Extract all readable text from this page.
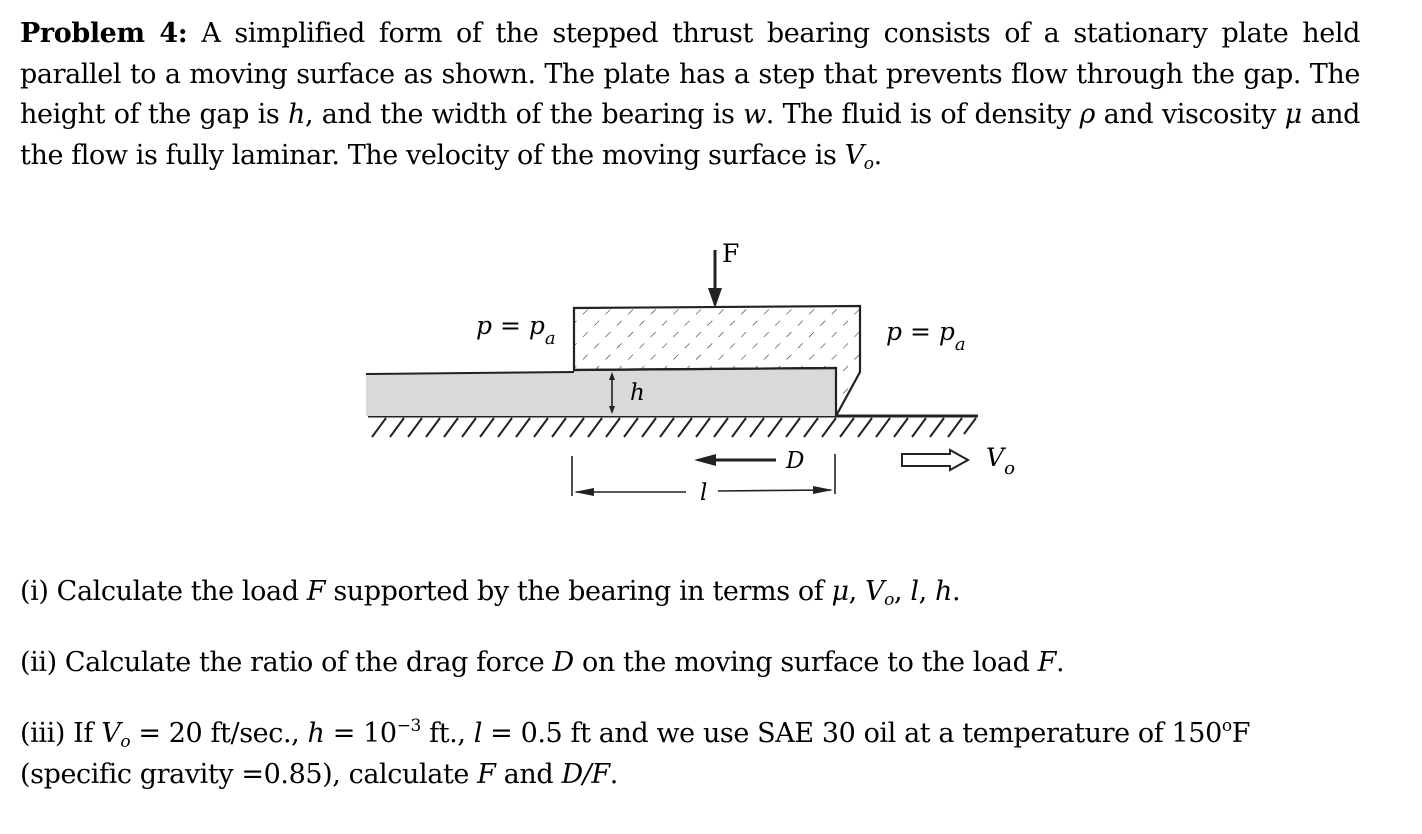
Problem 4: A simplified form of the stepped thrust bearing consists of a stationary plate held parallel to a moving surface as shown. The plate has a step that prevents flow through the gap. The height of the gap is h, and the width of the bearing is w. The fluid is of density ρ and viscosity μ and the flow is fully laminar. The velocity of the moving surface is $V_o$.
F
$p = p_a$	$p = p_a$
h
D
l
$V_o$
(i) Calculate the load F supported by the bearing in terms of μ, $V_o$, l, h.
(ii) Calculate the ratio of the drag force D on the moving surface to the load F.
(iii) If $V_o = 20$ ft/sec., $h = 10^{-3}$ ft., l = 0.5 ft and we use SAE 30 oil at a temperature of 150$^o$F
(specific gravity =0.85), calculate F and D/F.
